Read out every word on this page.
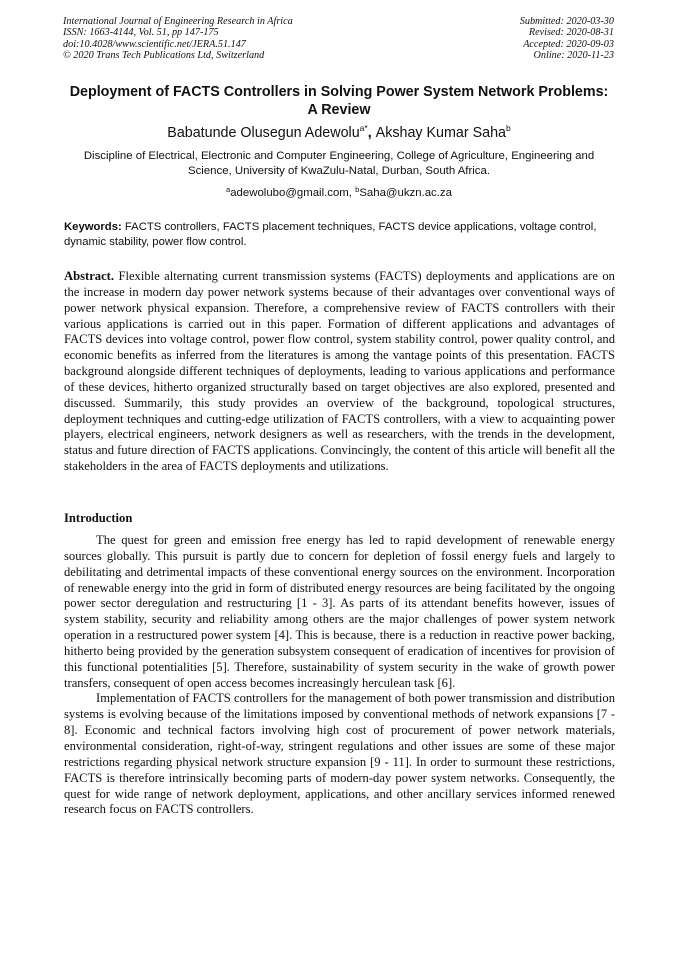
International Journal of Engineering Research in Africa
ISSN: 1663-4144, Vol. 51, pp 147-175
doi:10.4028/www.scientific.net/JERA.51.147
© 2020 Trans Tech Publications Ltd, Switzerland
Submitted: 2020-03-30
Revised: 2020-08-31
Accepted: 2020-09-03
Online: 2020-11-23
Deployment of FACTS Controllers in Solving Power System Network Problems: A Review
Babatunde Olusegun Adewolu$^{a*}$, Akshay Kumar Saha$^b$
Discipline of Electrical, Electronic and Computer Engineering, College of Agriculture, Engineering and Science, University of KwaZulu-Natal, Durban, South Africa.
$^a$adewolubo@gmail.com, $^b$Saha@ukzn.ac.za
Keywords: FACTS controllers, FACTS placement techniques, FACTS device applications, voltage control, dynamic stability, power flow control.

Abstract. Flexible alternating current transmission systems (FACTS) deployments and applications are on the increase in modern day power network systems because of their advantages over conventional ways of power network physical expansion. Therefore, a comprehensive review of FACTS controllers with their various applications is carried out in this paper. Formation of different applications and advantages of FACTS devices into voltage control, power flow control, system stability control, power quality control, and economic benefits as inferred from the literatures is among the vantage points of this presentation. FACTS background alongside different techniques of deployments, leading to various applications and performance of these devices, hitherto organized structurally based on target objectives are also explored, presented and discussed. Summarily, this study provides an overview of the background, topological structures, deployment techniques and cutting-edge utilization of FACTS controllers, with a view to acquainting power players, electrical engineers, network designers as well as researchers, with the trends in the development, status and future direction of FACTS applications. Convincingly, the content of this article will benefit all the stakeholders in the area of FACTS deployments and utilizations.

Introduction

The quest for green and emission free energy has led to rapid development of renewable energy sources globally. This pursuit is partly due to concern for depletion of fossil energy fuels and largely to debilitating and detrimental impacts of these conventional energy sources on the environment. Incorporation of renewable energy into the grid in form of distributed energy resources are being facilitated by the ongoing power sector deregulation and restructuring [1 - 3]. As parts of its attendant benefits however, issues of system stability, security and reliability among others are the major challenges of power system network operation in a restructured power system [4]. This is because, there is a reduction in reactive power backing, hitherto being provided by the generation subsystem consequent of eradication of incentives for provision of this functional potentialities [5]. Therefore, sustainability of system security in the wake of growth power transfers, consequent of open access becomes increasingly herculean task [6].

Implementation of FACTS controllers for the management of both power transmission and distribution systems is evolving because of the limitations imposed by conventional methods of network expansions [7 - 8]. Economic and technical factors involving high cost of procurement of power network materials, environmental consideration, right-of-way, stringent regulations and other issues are some of these major restrictions regarding physical network structure expansion [9 - 11]. In order to surmount these restrictions, FACTS is therefore intrinsically becoming parts of modern-day power system networks. Consequently, the quest for wide range of network deployment, applications, and other ancillary services informed renewed research focus on FACTS controllers.
